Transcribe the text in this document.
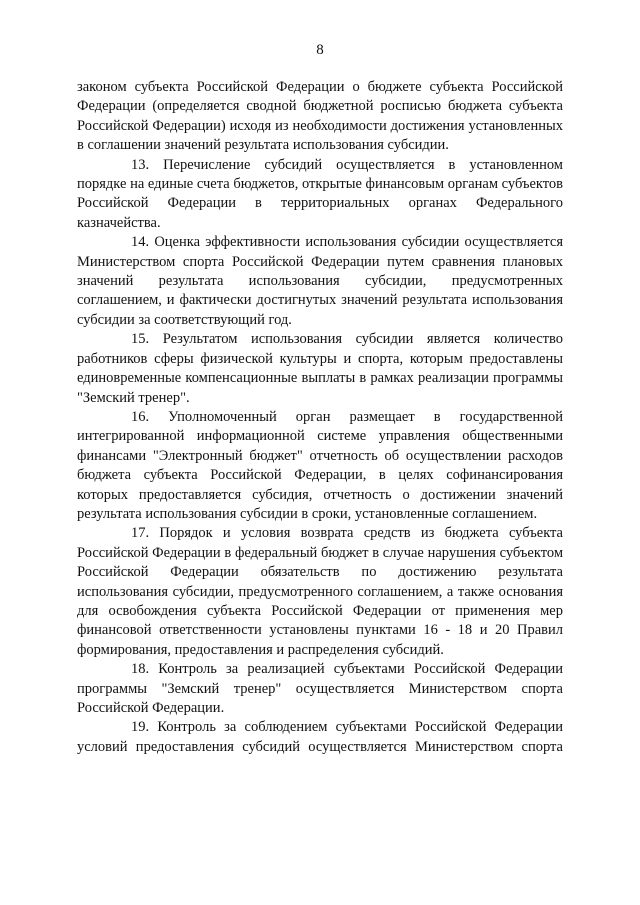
8

законом субъекта Российской Федерации о бюджете субъекта Российской Федерации (определяется сводной бюджетной росписью бюджета субъекта Российской Федерации) исходя из необходимости достижения установленных в соглашении значений результата использования субсидии.

13. Перечисление субсидий осуществляется в установленном порядке на единые счета бюджетов, открытые финансовым органам субъектов Российской Федерации в территориальных органах Федерального казначейства.

14. Оценка эффективности использования субсидии осуществляется Министерством спорта Российской Федерации путем сравнения плановых значений результата использования субсидии, предусмотренных соглашением, и фактически достигнутых значений результата использования субсидии за соответствующий год.

15. Результатом использования субсидии является количество работников сферы физической культуры и спорта, которым предоставлены единовременные компенсационные выплаты в рамках реализации программы "Земский тренер".

16. Уполномоченный орган размещает в государственной интегрированной информационной системе управления общественными финансами "Электронный бюджет" отчетность об осуществлении расходов бюджета субъекта Российской Федерации, в целях софинансирования которых предоставляется субсидия, отчетность о достижении значений результата использования субсидии в сроки, установленные соглашением.

17. Порядок и условия возврата средств из бюджета субъекта Российской Федерации в федеральный бюджет в случае нарушения субъектом Российской Федерации обязательств по достижению результата использования субсидии, предусмотренного соглашением, а также основания для освобождения субъекта Российской Федерации от применения мер финансовой ответственности установлены пунктами 16 - 18 и 20 Правил формирования, предоставления и распределения субсидий.

18. Контроль за реализацией субъектами Российской Федерации программы "Земский тренер" осуществляется Министерством спорта Российской Федерации.

19. Контроль за соблюдением субъектами Российской Федерации условий предоставления субсидий осуществляется Министерством спорта
